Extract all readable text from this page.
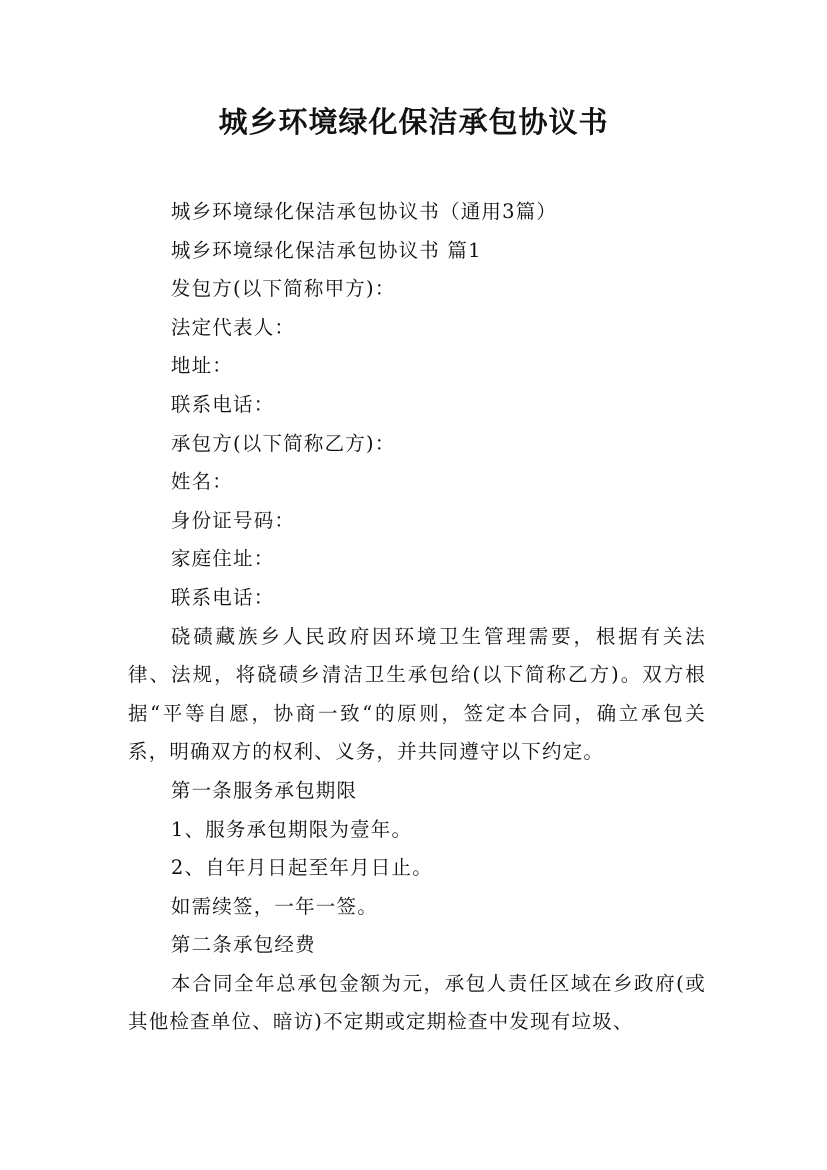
城乡环境绿化保洁承包协议书

城乡环境绿化保洁承包协议书（通用3篇）

城乡环境绿化保洁承包协议书 篇1

发包方(以下简称甲方)：

法定代表人：

地址：

联系电话：

承包方(以下简称乙方)：

姓名：

身份证号码：

家庭住址：

联系电话：

硗碛藏族乡人民政府因环境卫生管理需要，根据有关法律、法规，将硗碛乡清洁卫生承包给(以下简称乙方)。双方根据“平等自愿，协商一致“的原则，签定本合同，确立承包关系，明确双方的权利、义务，并共同遵守以下约定。

第一条服务承包期限

1、服务承包期限为壹年。

2、自年月日起至年月日止。

如需续签，一年一签。

第二条承包经费

本合同全年总承包金额为元，承包人责任区域在乡政府(或其他检查单位、暗访)不定期或定期检查中发现有垃圾、
